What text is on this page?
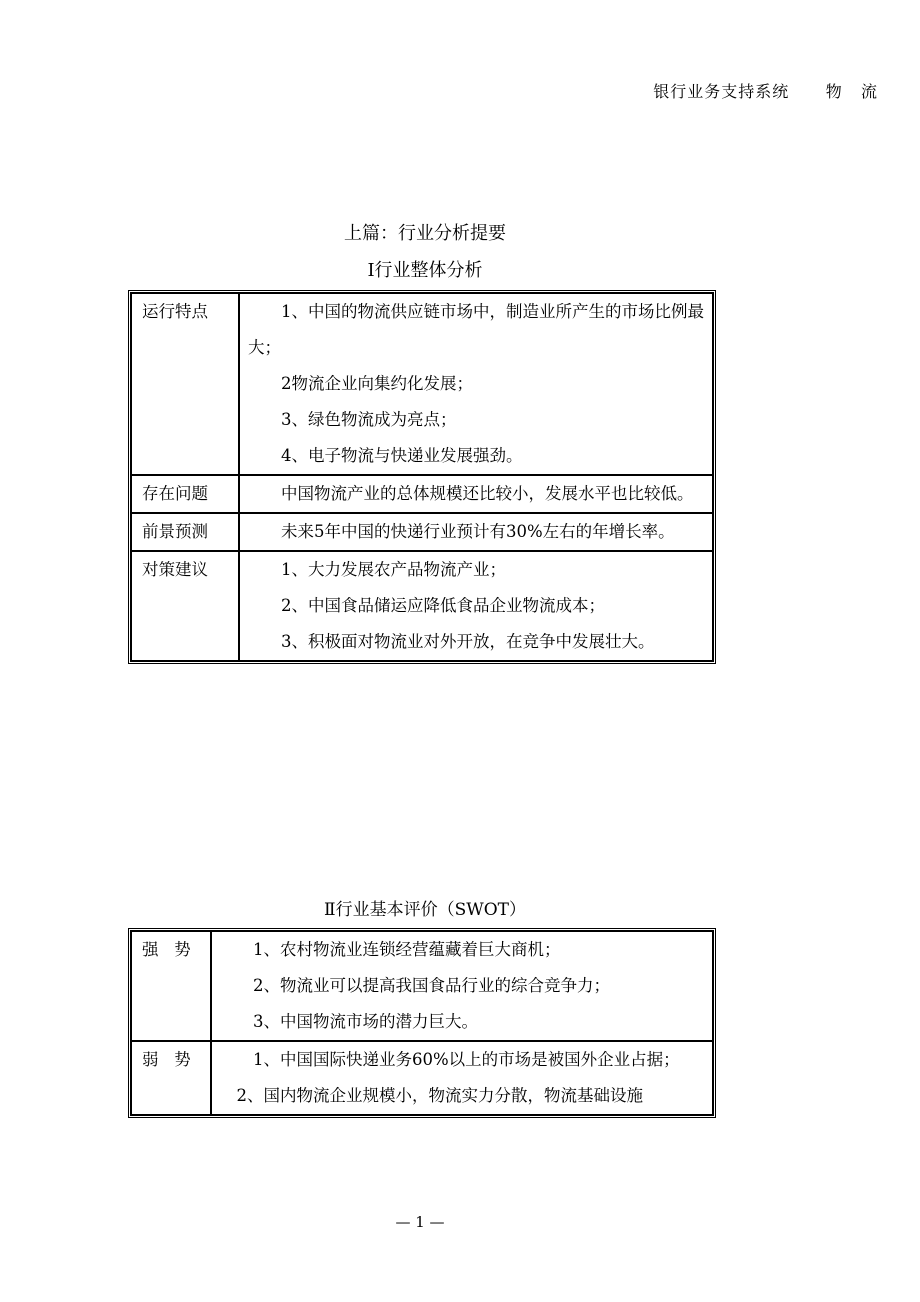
银行业务支持系统      物   流
上篇：行业分析提要
Ⅰ行业整体分析
运行特点	1、中国的物流供应链市场中，制造业所产生的市场比例最大；

2物流企业向集约化发展；

3、绿色物流成为亮点；

4、电子物流与快递业发展强劲。

存在问题	中国物流产业的总体规模还比较小，发展水平也比较低。

前景预测	未来5年中国的快递行业预计有30%左右的年增长率。

对策建议	1、大力发展农产品物流产业；

2、中国食品储运应降低食品企业物流成本；

3、积极面对物流业对外开放，在竞争中发展壮大。

Ⅱ行业基本评价（SWOT）
强   势	1、农村物流业连锁经营蕴藏着巨大商机；

2、物流业可以提高我国食品行业的综合竞争力；

3、中国物流市场的潜力巨大。

弱   势	1、中国国际快递业务60%以上的市场是被国外企业占据；

2、国内物流企业规模小，物流实力分散，物流基础设施

— 1 —
